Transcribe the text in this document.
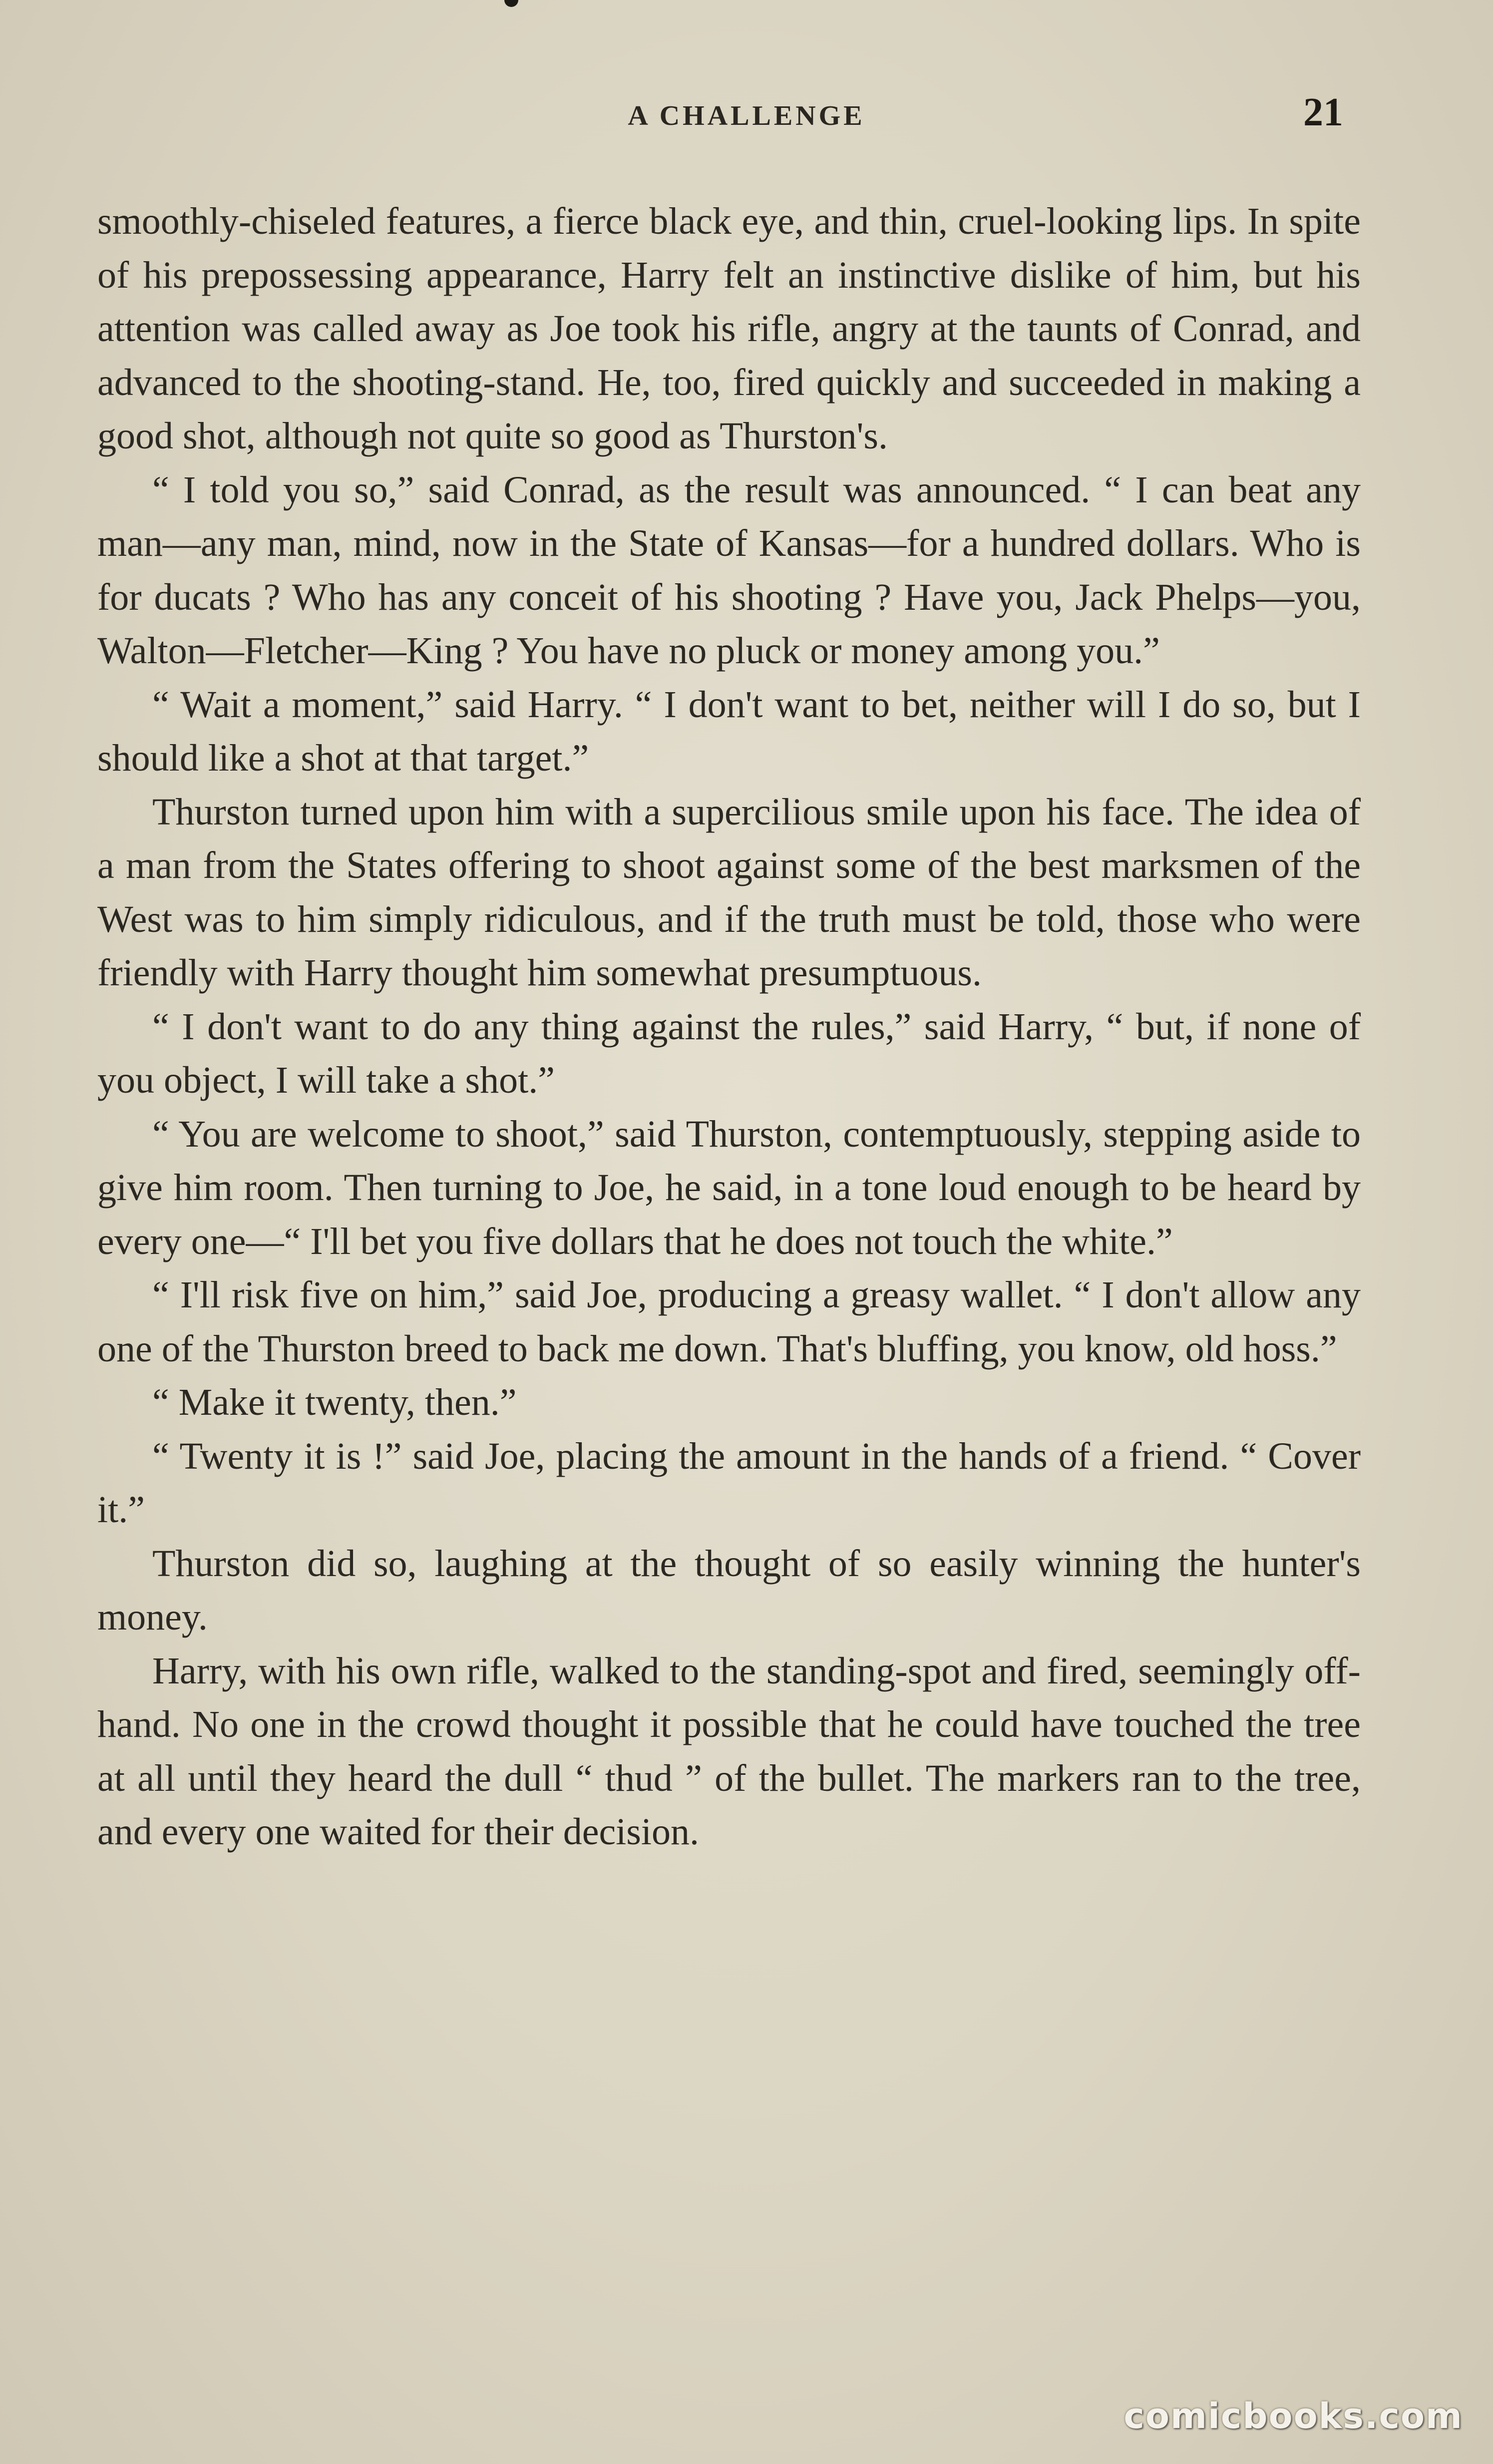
A CHALLENGE	21

smoothly-chiseled features, a fierce black eye, and thin, cruel-looking lips. In spite of his prepossessing appearance, Harry felt an instinctive dislike of him, but his attention was called away as Joe took his rifle, angry at the taunts of Conrad, and advanced to the shooting-stand. He, too, fired quickly and succeeded in making a good shot, although not quite so good as Thurston's.

“ I told you so,” said Conrad, as the result was announced. “ I can beat any man—any man, mind, now in the State of Kansas—for a hundred dollars. Who is for ducats ? Who has any conceit of his shooting ? Have you, Jack Phelps—you, Walton—Fletcher—King ? You have no pluck or money among you.”

“ Wait a moment,” said Harry. “ I don't want to bet, neither will I do so, but I should like a shot at that target.”

Thurston turned upon him with a supercilious smile upon his face. The idea of a man from the States offering to shoot against some of the best marksmen of the West was to him simply ridiculous, and if the truth must be told, those who were friendly with Harry thought him somewhat presumptuous.

“ I don't want to do any thing against the rules,” said Harry, “ but, if none of you object, I will take a shot.”

“ You are welcome to shoot,” said Thurston, contemptuously, stepping aside to give him room. Then turning to Joe, he said, in a tone loud enough to be heard by every one—“ I'll bet you five dollars that he does not touch the white.”

“ I'll risk five on him,” said Joe, producing a greasy wallet. “ I don't allow any one of the Thurston breed to back me down. That's bluffing, you know, old hoss.”

“ Make it twenty, then.”

“ Twenty it is !” said Joe, placing the amount in the hands of a friend. “ Cover it.”

Thurston did so, laughing at the thought of so easily winning the hunter's money.

Harry, with his own rifle, walked to the standing-spot and fired, seemingly off-hand. No one in the crowd thought it possible that he could have touched the tree at all until they heard the dull “ thud ” of the bullet. The markers ran to the tree, and every one waited for their decision.

comicbooks.com
